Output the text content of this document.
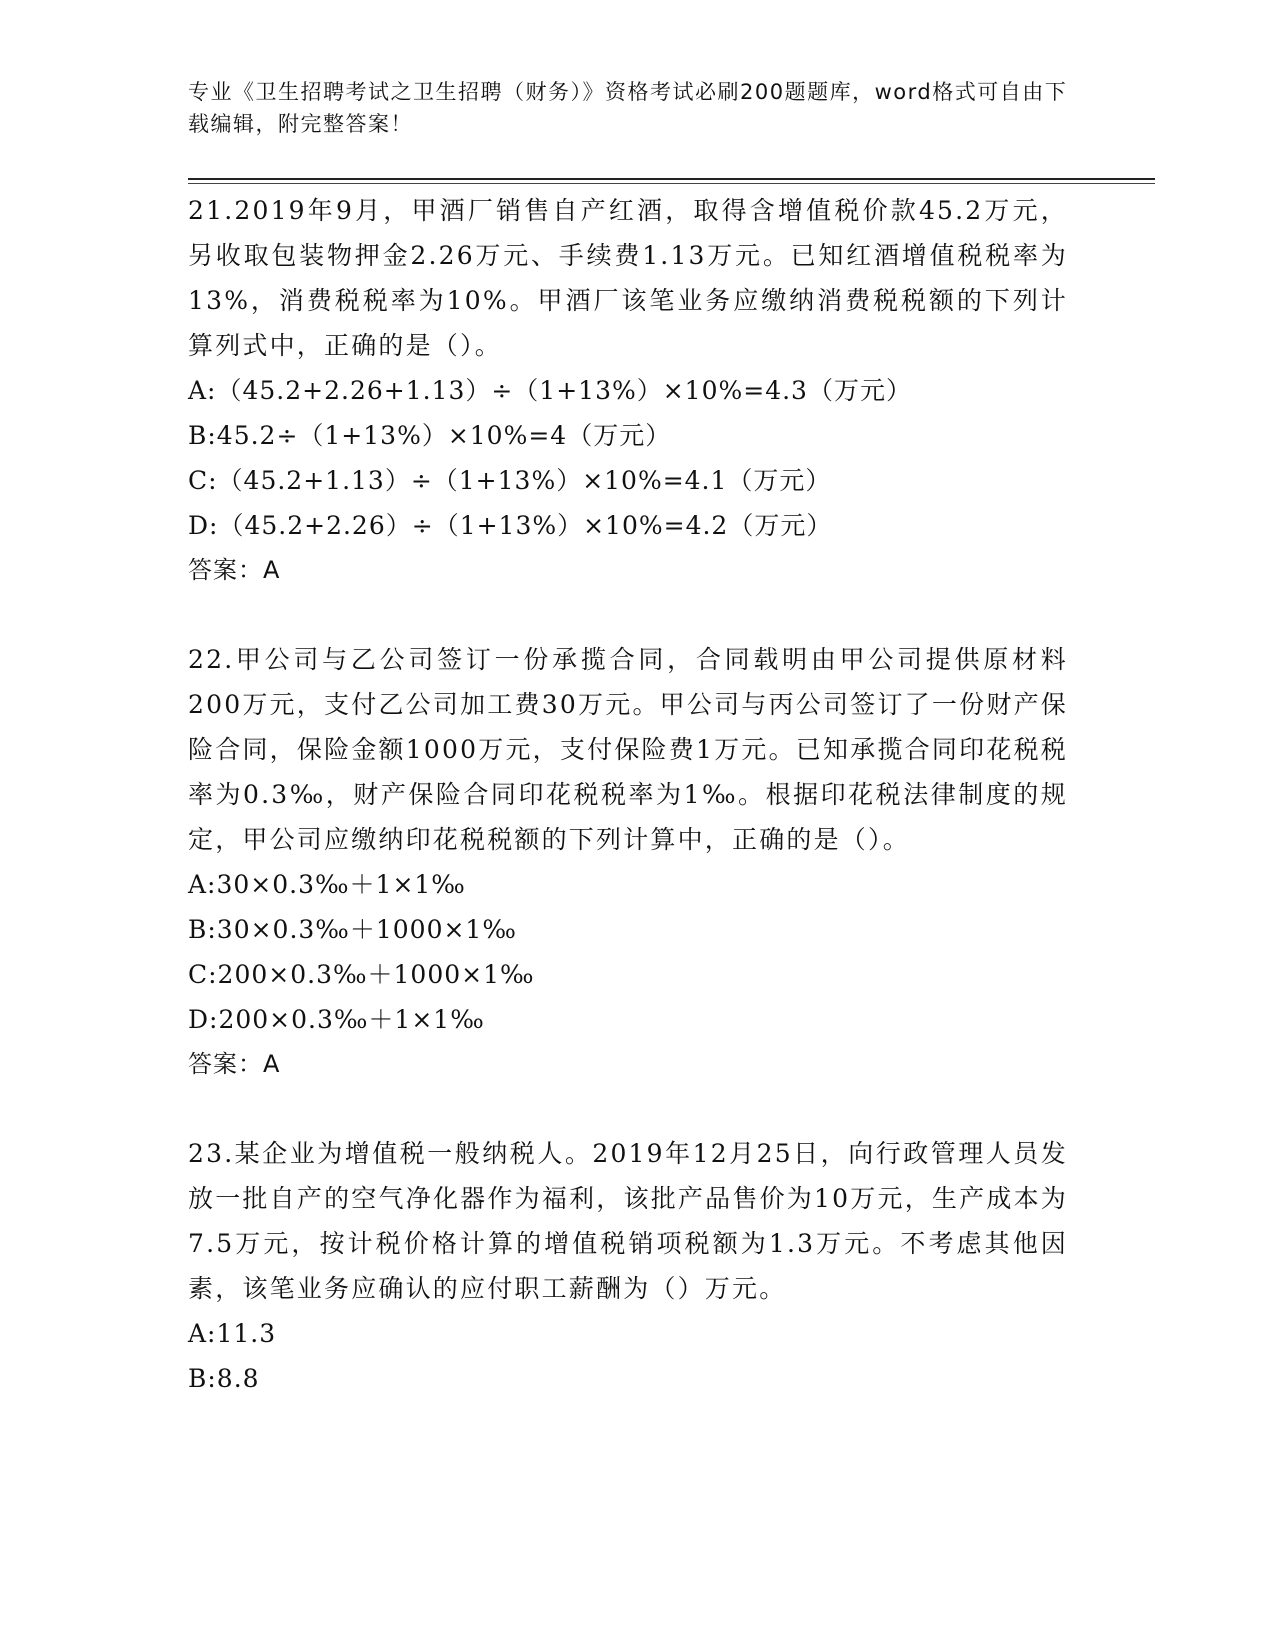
专业《卫生招聘考试之卫生招聘（财务）》资格考试必刷200题题库，word格式可自由下载编辑，附完整答案！

21.2019年9月，甲酒厂销售自产红酒，取得含增值税价款45.2万元，另收取包装物押金2.26万元、手续费1.13万元。已知红酒增值税税率为13%，消费税税率为10%。甲酒厂该笔业务应缴纳消费税税额的下列计算列式中，正确的是（）。

A:（45.2+2.26+1.13）÷（1+13%）×10%=4.3（万元）

B:45.2÷（1+13%）×10%=4（万元）

C:（45.2+1.13）÷（1+13%）×10%=4.1（万元）

D:（45.2+2.26）÷（1+13%）×10%=4.2（万元）

答案：A

22.甲公司与乙公司签订一份承揽合同，合同载明由甲公司提供原材料200万元，支付乙公司加工费30万元。甲公司与丙公司签订了一份财产保险合同，保险金额1000万元，支付保险费1万元。已知承揽合同印花税税率为0.3‰，财产保险合同印花税税率为1‰。根据印花税法律制度的规定，甲公司应缴纳印花税税额的下列计算中，正确的是（）。

A:30×0.3‰＋1×1‰

B:30×0.3‰＋1000×1‰

C:200×0.3‰＋1000×1‰

D:200×0.3‰＋1×1‰

答案：A

23.某企业为增值税一般纳税人。2019年12月25日，向行政管理人员发放一批自产的空气净化器作为福利，该批产品售价为10万元，生产成本为7.5万元，按计税价格计算的增值税销项税额为1.3万元。不考虑其他因素，该笔业务应确认的应付职工薪酬为（）万元。

A:11.3

B:8.8
